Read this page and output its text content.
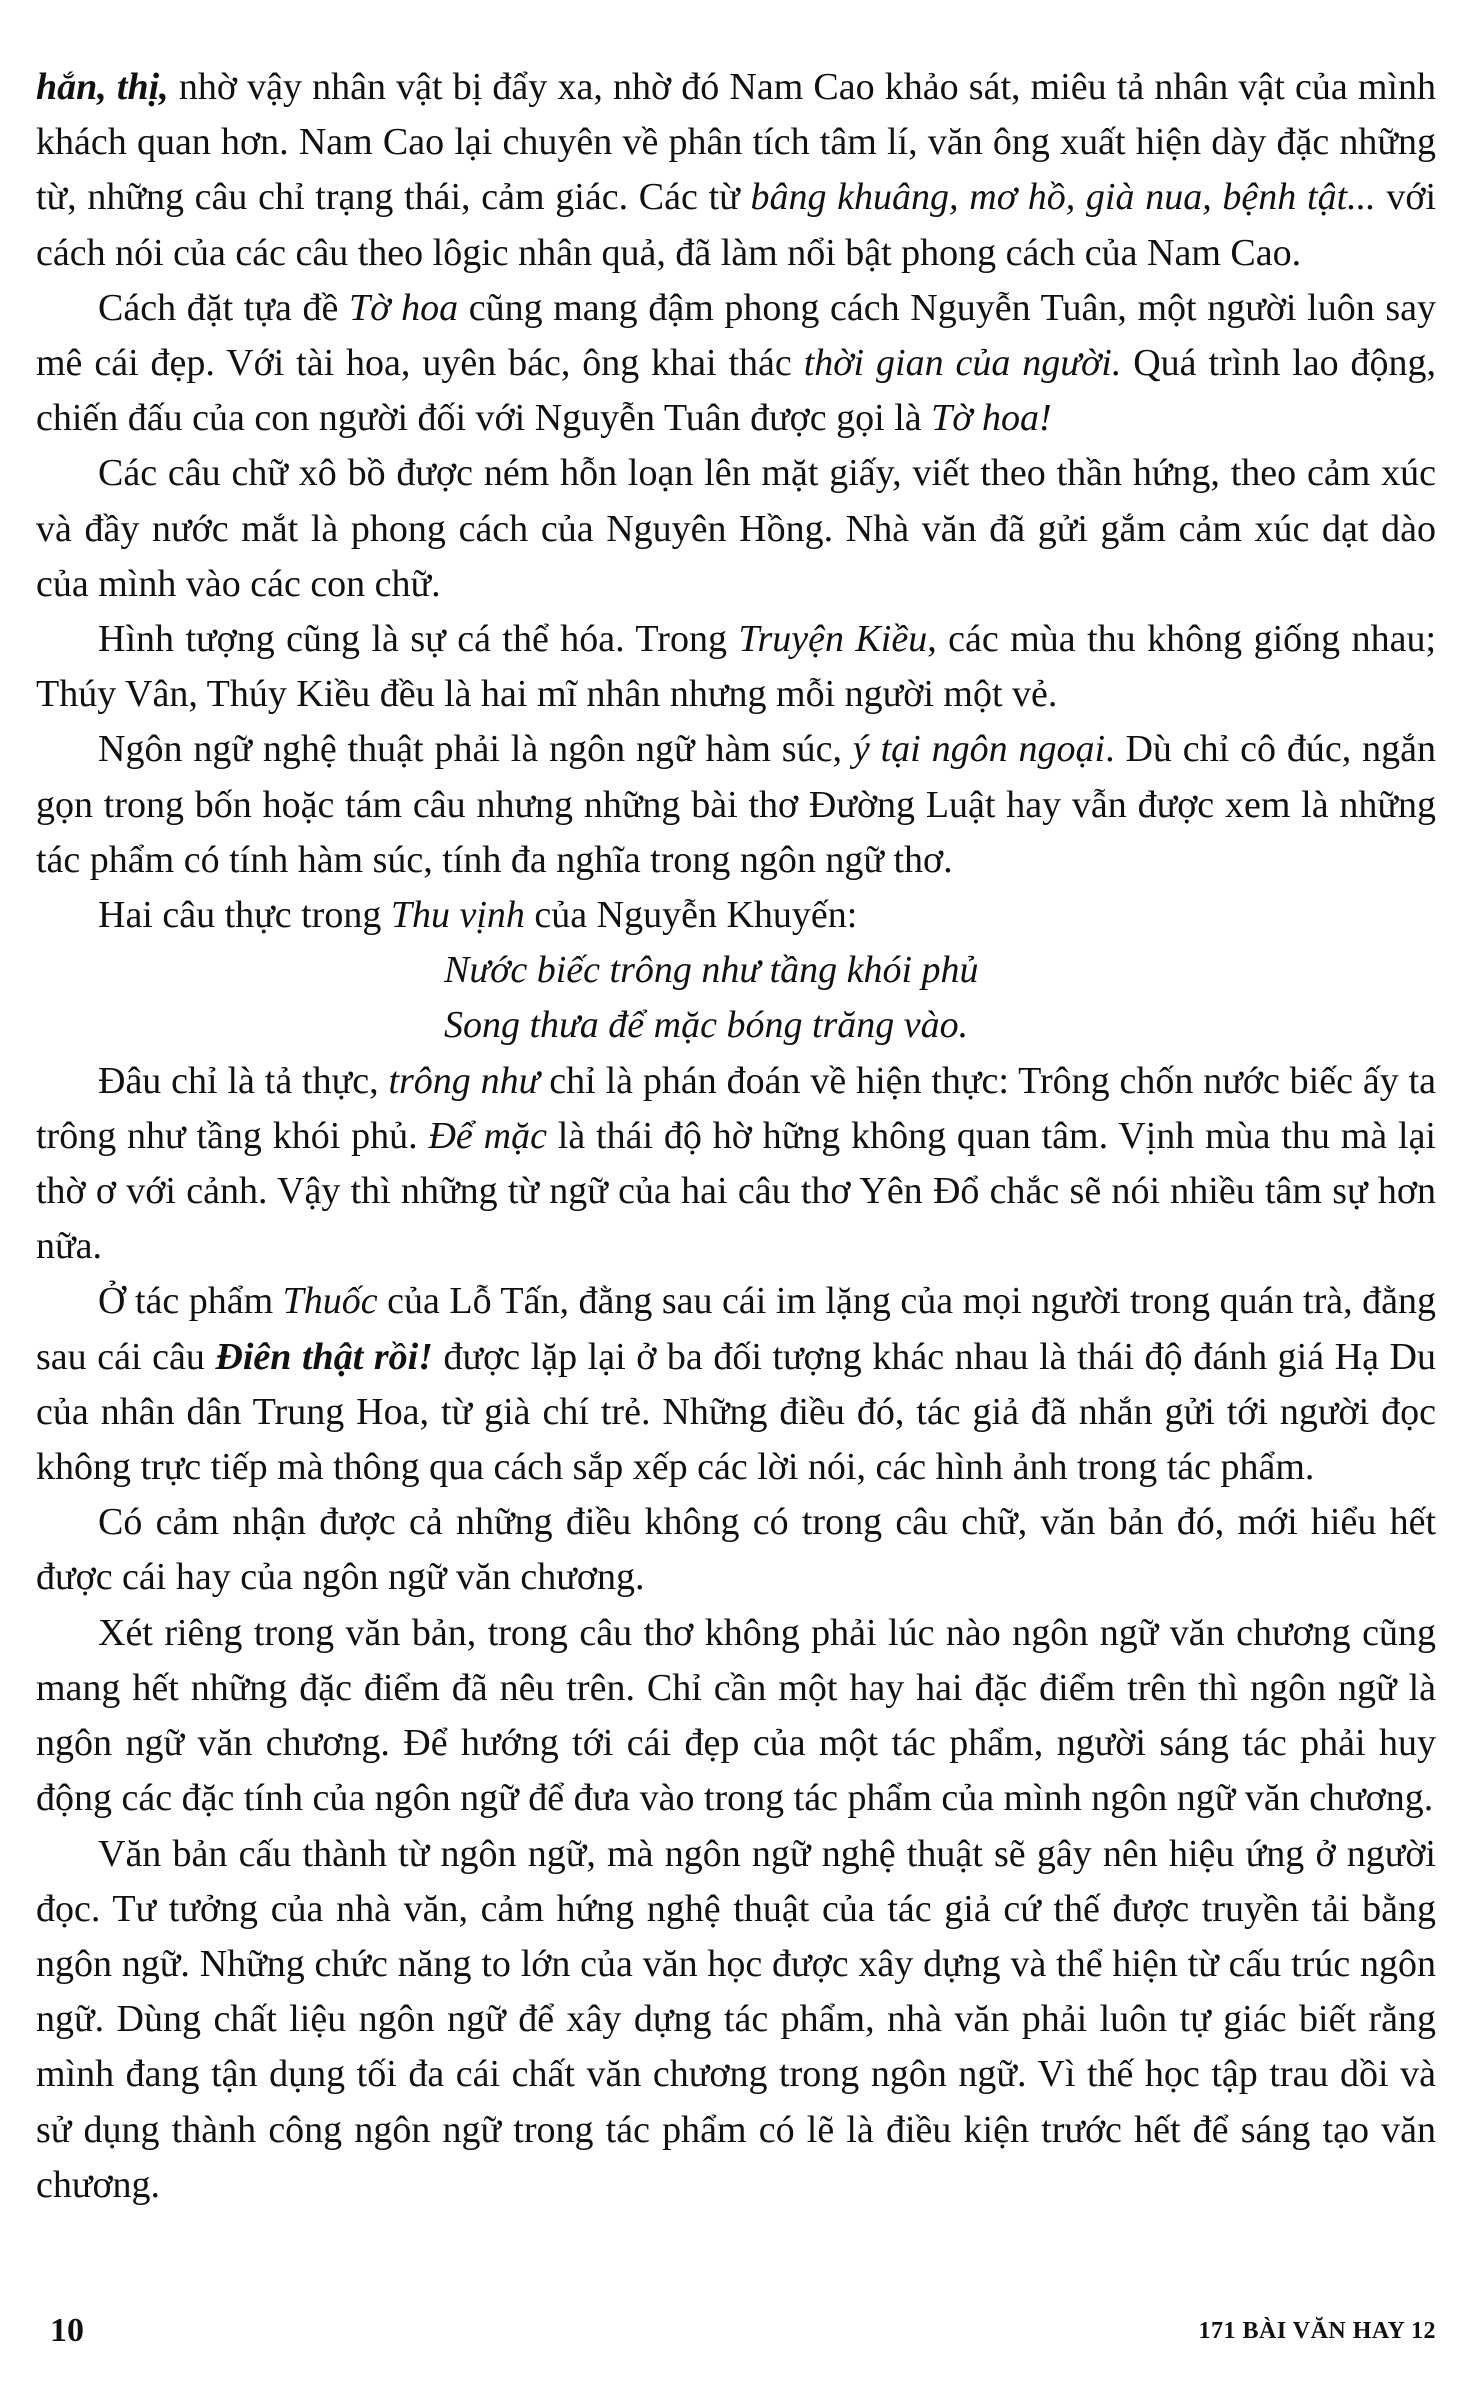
hắn, thị, nhờ vậy nhân vật bị đẩy xa, nhờ đó Nam Cao khảo sát, miêu tả nhân vật của mình khách quan hơn. Nam Cao lại chuyên về phân tích tâm lí, văn ông xuất hiện dày đặc những từ, những câu chỉ trạng thái, cảm giác. Các từ bâng khuâng, mơ hồ, già nua, bệnh tật... với cách nói của các câu theo lôgic nhân quả, đã làm nổi bật phong cách của Nam Cao.

Cách đặt tựa đề Tờ hoa cũng mang đậm phong cách Nguyễn Tuân, một người luôn say mê cái đẹp. Với tài hoa, uyên bác, ông khai thác thời gian của người. Quá trình lao động, chiến đấu của con người đối với Nguyễn Tuân được gọi là Tờ hoa!

Các câu chữ xô bồ được ném hỗn loạn lên mặt giấy, viết theo thần hứng, theo cảm xúc và đầy nước mắt là phong cách của Nguyên Hồng. Nhà văn đã gửi gắm cảm xúc dạt dào của mình vào các con chữ.

Hình tượng cũng là sự cá thể hóa. Trong Truyện Kiều, các mùa thu không giống nhau; Thúy Vân, Thúy Kiều đều là hai mĩ nhân nhưng mỗi người một vẻ.

Ngôn ngữ nghệ thuật phải là ngôn ngữ hàm súc, ý tại ngôn ngoại. Dù chỉ cô đúc, ngắn gọn trong bốn hoặc tám câu nhưng những bài thơ Đường Luật hay vẫn được xem là những tác phẩm có tính hàm súc, tính đa nghĩa trong ngôn ngữ thơ.

Hai câu thực trong Thu vịnh của Nguyễn Khuyến:

Nước biếc trông như tầng khói phủ

Song thưa để mặc bóng trăng vào.

Đâu chỉ là tả thực, trông như chỉ là phán đoán về hiện thực: Trông chốn nước biếc ấy ta trông như tầng khói phủ. Để mặc là thái độ hờ hững không quan tâm. Vịnh mùa thu mà lại thờ ơ với cảnh. Vậy thì những từ ngữ của hai câu thơ Yên Đổ chắc sẽ nói nhiều tâm sự hơn nữa.

Ở tác phẩm Thuốc của Lỗ Tấn, đằng sau cái im lặng của mọi người trong quán trà, đằng sau cái câu Điên thật rồi! được lặp lại ở ba đối tượng khác nhau là thái độ đánh giá Hạ Du của nhân dân Trung Hoa, từ già chí trẻ. Những điều đó, tác giả đã nhắn gửi tới người đọc không trực tiếp mà thông qua cách sắp xếp các lời nói, các hình ảnh trong tác phẩm.

Có cảm nhận được cả những điều không có trong câu chữ, văn bản đó, mới hiểu hết được cái hay của ngôn ngữ văn chương.

Xét riêng trong văn bản, trong câu thơ không phải lúc nào ngôn ngữ văn chương cũng mang hết những đặc điểm đã nêu trên. Chỉ cần một hay hai đặc điểm trên thì ngôn ngữ là ngôn ngữ văn chương. Để hướng tới cái đẹp của một tác phẩm, người sáng tác phải huy động các đặc tính của ngôn ngữ để đưa vào trong tác phẩm của mình ngôn ngữ văn chương.

Văn bản cấu thành từ ngôn ngữ, mà ngôn ngữ nghệ thuật sẽ gây nên hiệu ứng ở người đọc. Tư tưởng của nhà văn, cảm hứng nghệ thuật của tác giả cứ thế được truyền tải bằng ngôn ngữ. Những chức năng to lớn của văn học được xây dựng và thể hiện từ cấu trúc ngôn ngữ. Dùng chất liệu ngôn ngữ để xây dựng tác phẩm, nhà văn phải luôn tự giác biết rằng mình đang tận dụng tối đa cái chất văn chương trong ngôn ngữ. Vì thế học tập trau dồi và sử dụng thành công ngôn ngữ trong tác phẩm có lẽ là điều kiện trước hết để sáng tạo văn chương.

10	171 BÀI VĂN HAY 12
